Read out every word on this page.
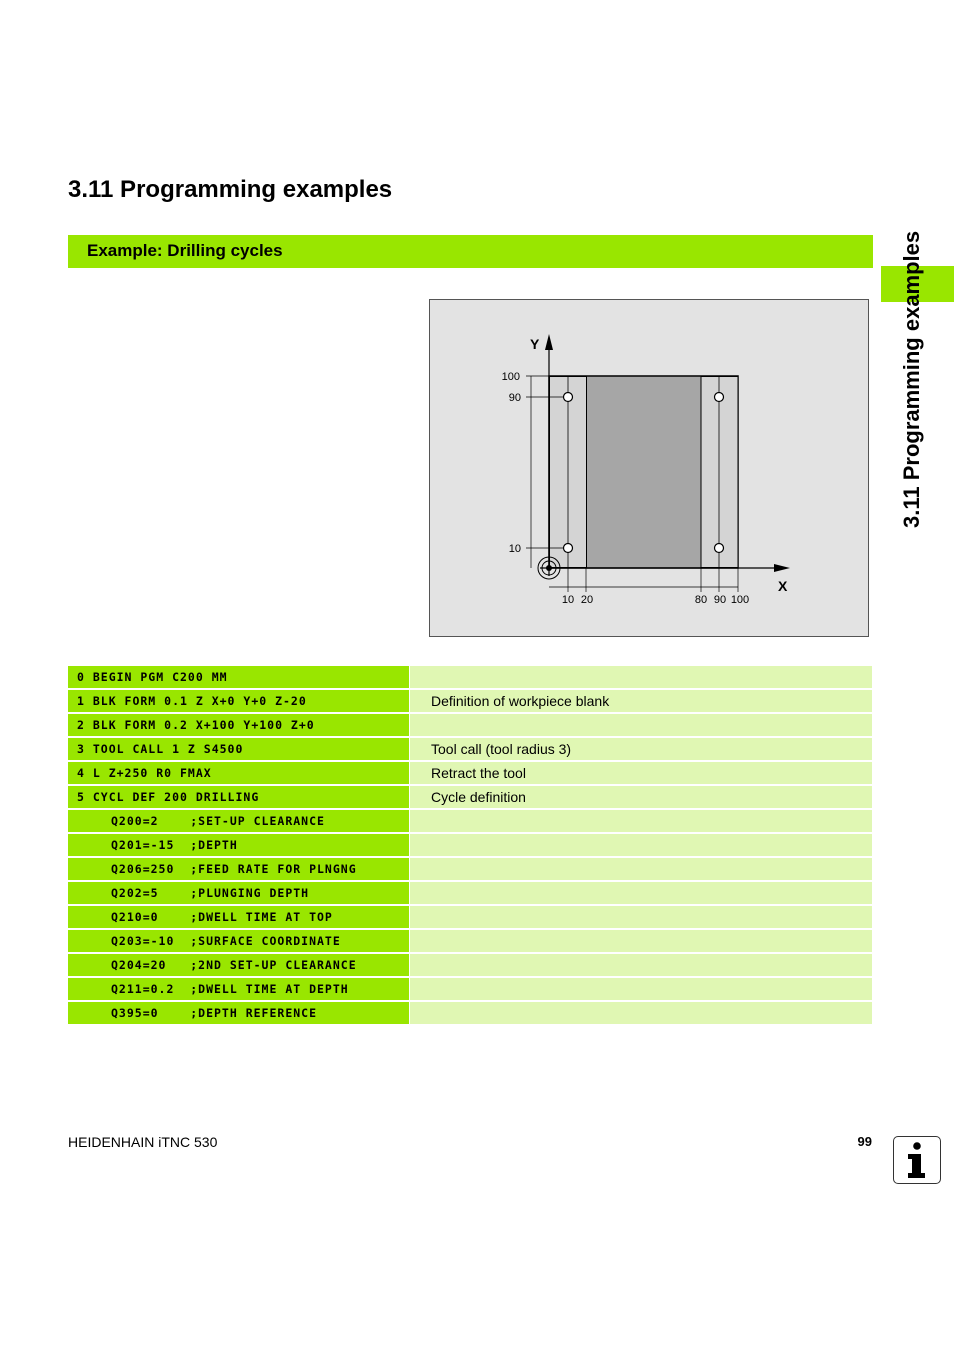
3.11 Programming examples
3.11 Programming examples
Example: Drilling cycles
Y
X
100
90
10
10 20	80 90 100
0 BEGIN PGM C200 MM
1 BLK FORM 0.1 Z X+0 Y+0 Z-20	Definition of workpiece blank
2 BLK FORM 0.2 X+100 Y+100 Z+0
3 TOOL CALL 1 Z S4500	Tool call (tool radius 3)
4 L Z+250 R0 FMAX	Retract the tool
5 CYCL DEF 200 DRILLING	Cycle definition
Q200=2    ;SET-UP CLEARANCE
Q201=-15  ;DEPTH
Q206=250  ;FEED RATE FOR PLNGNG
Q202=5    ;PLUNGING DEPTH
Q210=0    ;DWELL TIME AT TOP
Q203=-10  ;SURFACE COORDINATE
Q204=20   ;2ND SET-UP CLEARANCE
Q211=0.2  ;DWELL TIME AT DEPTH
Q395=0    ;DEPTH REFERENCE
HEIDENHAIN iTNC 530	99
